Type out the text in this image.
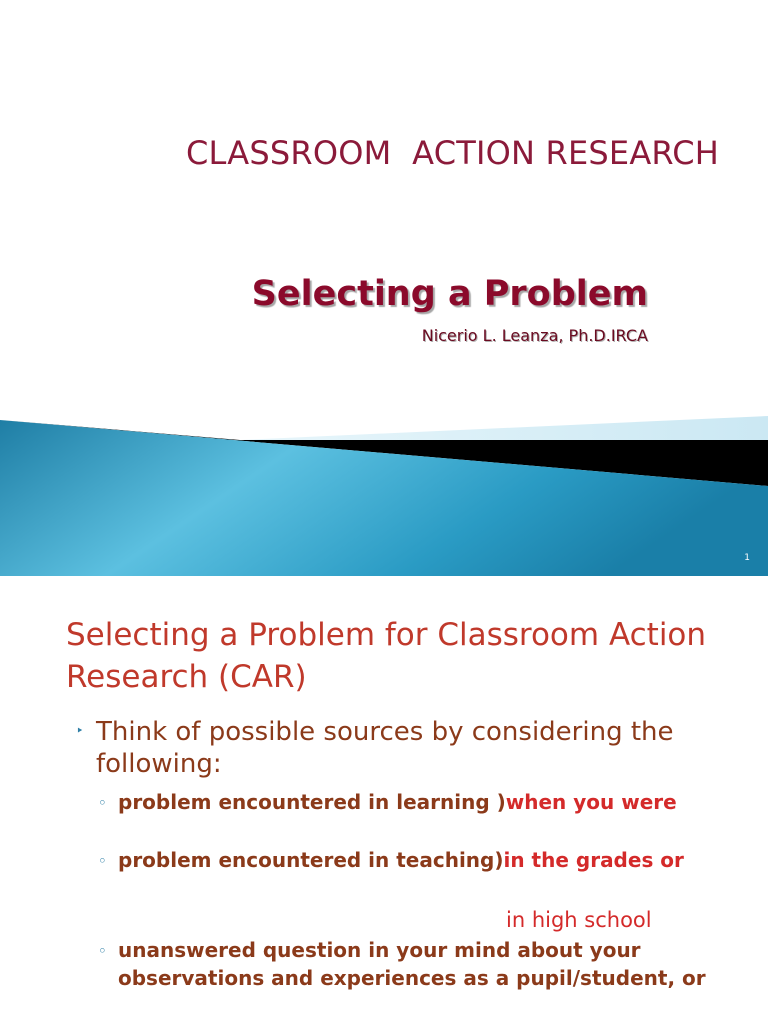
CLASSROOM  ACTION RESEARCH
Selecting a Problem
Nicerio L. Leanza, Ph.D.IRCA
1
Selecting a Problem for Classroom Action Research (CAR)
‣ Think of possible sources by considering the following:
◦ problem encountered in learning )when you were
◦ problem encountered in teaching)in the grades or
in high school
◦ unanswered question in your mind about your observations and experiences as a pupil/student, or
